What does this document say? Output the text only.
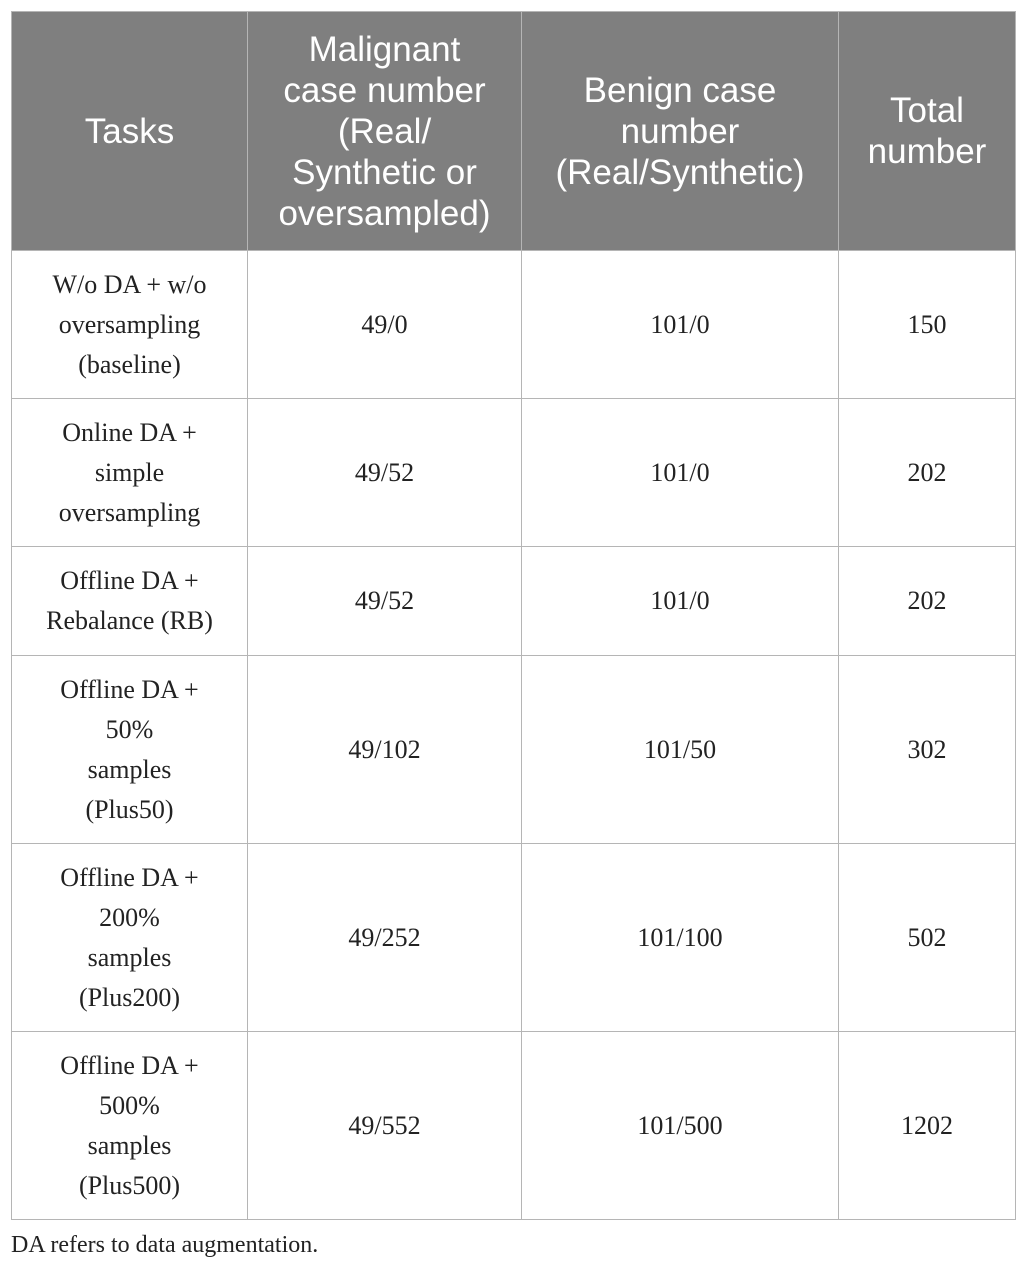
Tasks	Malignant
case number
(Real/
Synthetic or
oversampled)	Benign case
number
(Real/Synthetic)	Total
number
W/o DA + w/o
oversampling
(baseline)	49/0	101/0	150
Online DA +
simple
oversampling	49/52	101/0	202
Offline DA +
Rebalance (RB)	49/52	101/0	202
Offline DA +
50%
samples
(Plus50)	49/102	101/50	302
Offline DA +
200%
samples
(Plus200)	49/252	101/100	502
Offline DA +
500%
samples
(Plus500)	49/552	101/500	1202
DA refers to data augmentation.
